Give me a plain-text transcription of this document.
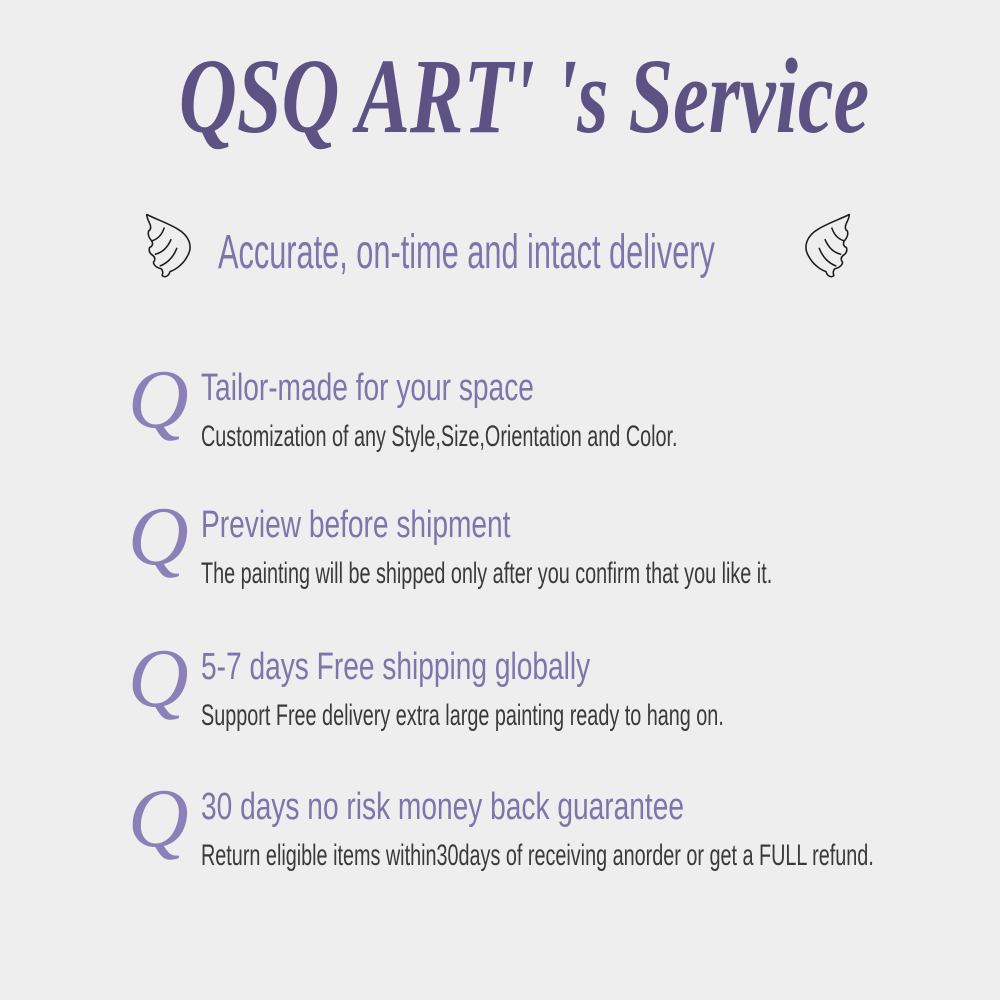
QSQ ART' 's Service
Accurate, on-time and intact delivery
Q Tailor-made for your space
Customization of any Style,Size,Orientation and Color.
Q Preview before shipment
The painting will be shipped only after you confirm that you like it.
Q 5-7 days Free shipping globally
Support Free delivery extra large painting ready to hang on.
Q 30 days no risk money back guarantee
Return eligible items within30days of receiving anorder or get a FULL refund.
